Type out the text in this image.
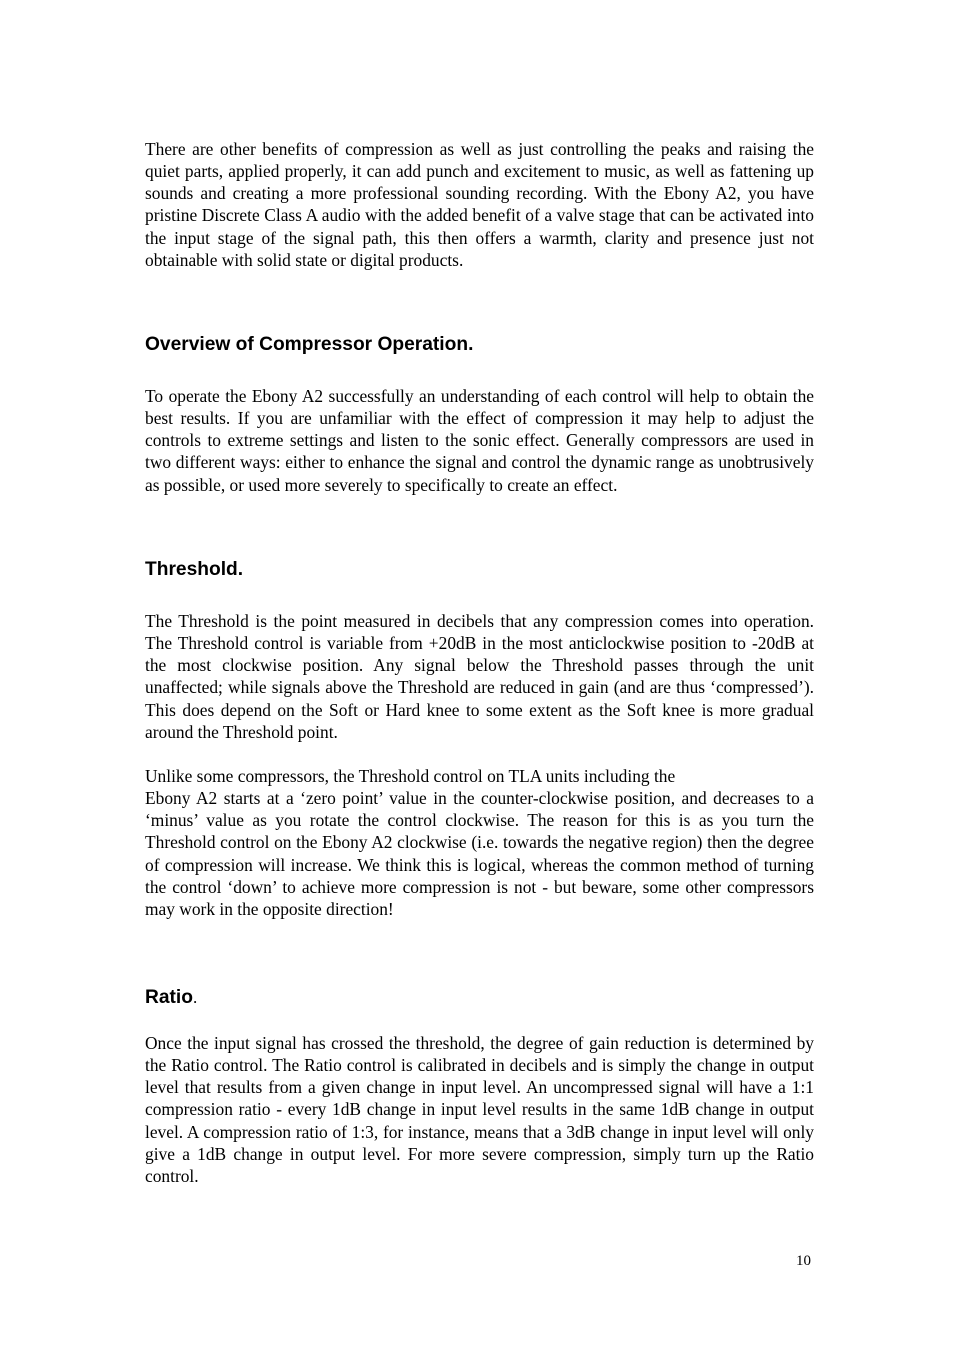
There are other benefits of compression as well as just controlling the peaks and raising the quiet parts, applied properly, it can add punch and excitement to music, as well as fattening up sounds and creating a more professional sounding recording. With the Ebony A2, you have pristine Discrete Class A audio with the added benefit of a valve stage that can be activated into the input stage of the signal path, this then offers a warmth, clarity and presence just not obtainable with solid state or digital products.

Overview of Compressor Operation.

To operate the Ebony A2 successfully an understanding of each control will help to obtain the best results. If you are unfamiliar with the effect of compression it may help to adjust the controls to extreme settings and listen to the sonic effect. Generally compressors are used in two different ways: either to enhance the signal and control the dynamic range as unobtrusively as possible, or used more severely to specifically to create an effect.

Threshold.

The Threshold is the point measured in decibels that any compression comes into operation. The Threshold control is variable from +20dB in the most anticlockwise position to -20dB at the most clockwise position. Any signal below the Threshold passes through the unit unaffected; while signals above the Threshold are reduced in gain (and are thus ‘compressed’). This does depend on the Soft or Hard knee to some extent as the Soft knee is more gradual around the Threshold point.

Unlike some compressors, the Threshold control on TLA units including the
Ebony A2 starts at a ‘zero point’ value in the counter-clockwise position, and decreases to a ‘minus’ value as you rotate the control clockwise. The reason for this is as you turn the Threshold control on the Ebony A2 clockwise (i.e. towards the negative region) then the degree of compression will increase. We think this is logical, whereas the common method of turning the control ‘down’ to achieve more compression is not - but beware, some other compressors may work in the opposite direction!

Ratio.

Once the input signal has crossed the threshold, the degree of gain reduction is determined by the Ratio control. The Ratio control is calibrated in decibels and is simply the change in output level that results from a given change in input level. An uncompressed signal will have a 1:1 compression ratio - every 1dB change in input level results in the same 1dB change in output level. A compression ratio of 1:3, for instance, means that a 3dB change in input level will only give a 1dB change in output level. For more severe compression, simply turn up the Ratio control.

10
